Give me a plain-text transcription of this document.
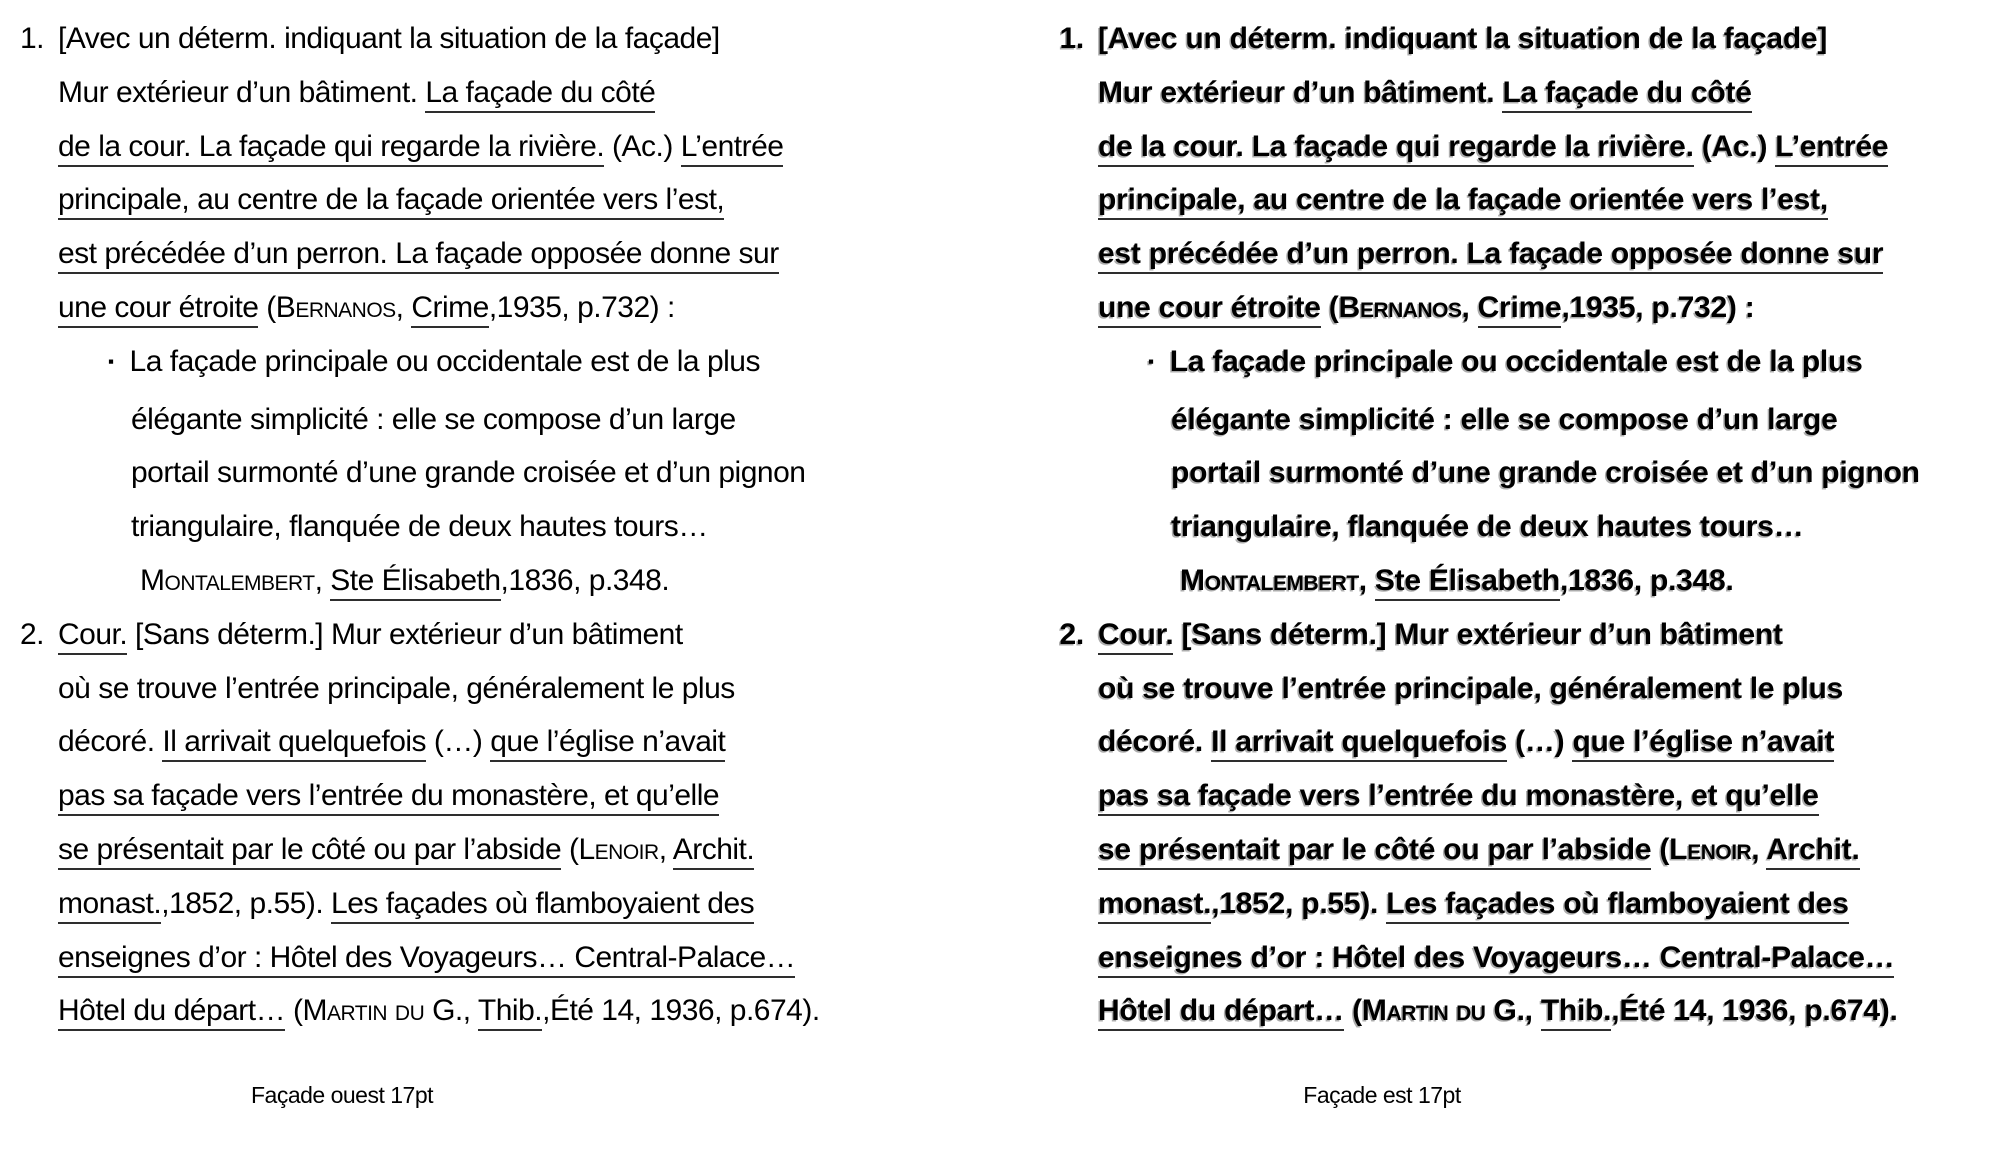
1. [Avec un déterm. indiquant la situation de la façade]
Mur extérieur d’un bâtiment. La façade du côté
de la cour. La façade qui regarde la rivière. (Ac.) L’entrée
principale, au centre de la façade orientée vers l’est,
est précédée d’un perron. La façade opposée donne sur
une cour étroite (Bernanos, Crime,1935, p.732) :
▪ La façade principale ou occidentale est de la plus
élégante simplicité : elle se compose d’un large
portail surmonté d’une grande croisée et d’un pignon
triangulaire, flanquée de deux hautes tours…
Montalembert, Ste Élisabeth,1836, p.348.
2. Cour. [Sans déterm.] Mur extérieur d’un bâtiment
où se trouve l’entrée principale, généralement le plus
décoré. Il arrivait quelquefois (…) que l’église n’avait
pas sa façade vers l’entrée du monastère, et qu’elle
se présentait par le côté ou par l’abside (Lenoir, Archit.
monast.,1852, p.55). Les façades où flamboyaient des
enseignes d’or : Hôtel des Voyageurs… Central-Palace…
Hôtel du départ… (Martin du G., Thib.,Été 14, 1936, p.674).
Façade ouest 17pt
1. [Avec un déterm. indiquant la situation de la façade]
Mur extérieur d’un bâtiment. La façade du côté
de la cour. La façade qui regarde la rivière. (Ac.) L’entrée
principale, au centre de la façade orientée vers l’est,
est précédée d’un perron. La façade opposée donne sur
une cour étroite (Bernanos, Crime,1935, p.732) :
▪ La façade principale ou occidentale est de la plus
élégante simplicité : elle se compose d’un large
portail surmonté d’une grande croisée et d’un pignon
triangulaire, flanquée de deux hautes tours…
Montalembert, Ste Élisabeth,1836, p.348.
2. Cour. [Sans déterm.] Mur extérieur d’un bâtiment
où se trouve l’entrée principale, généralement le plus
décoré. Il arrivait quelquefois (…) que l’église n’avait
pas sa façade vers l’entrée du monastère, et qu’elle
se présentait par le côté ou par l’abside (Lenoir, Archit.
monast.,1852, p.55). Les façades où flamboyaient des
enseignes d’or : Hôtel des Voyageurs… Central-Palace…
Hôtel du départ… (Martin du G., Thib.,Été 14, 1936, p.674).
Façade est 17pt
